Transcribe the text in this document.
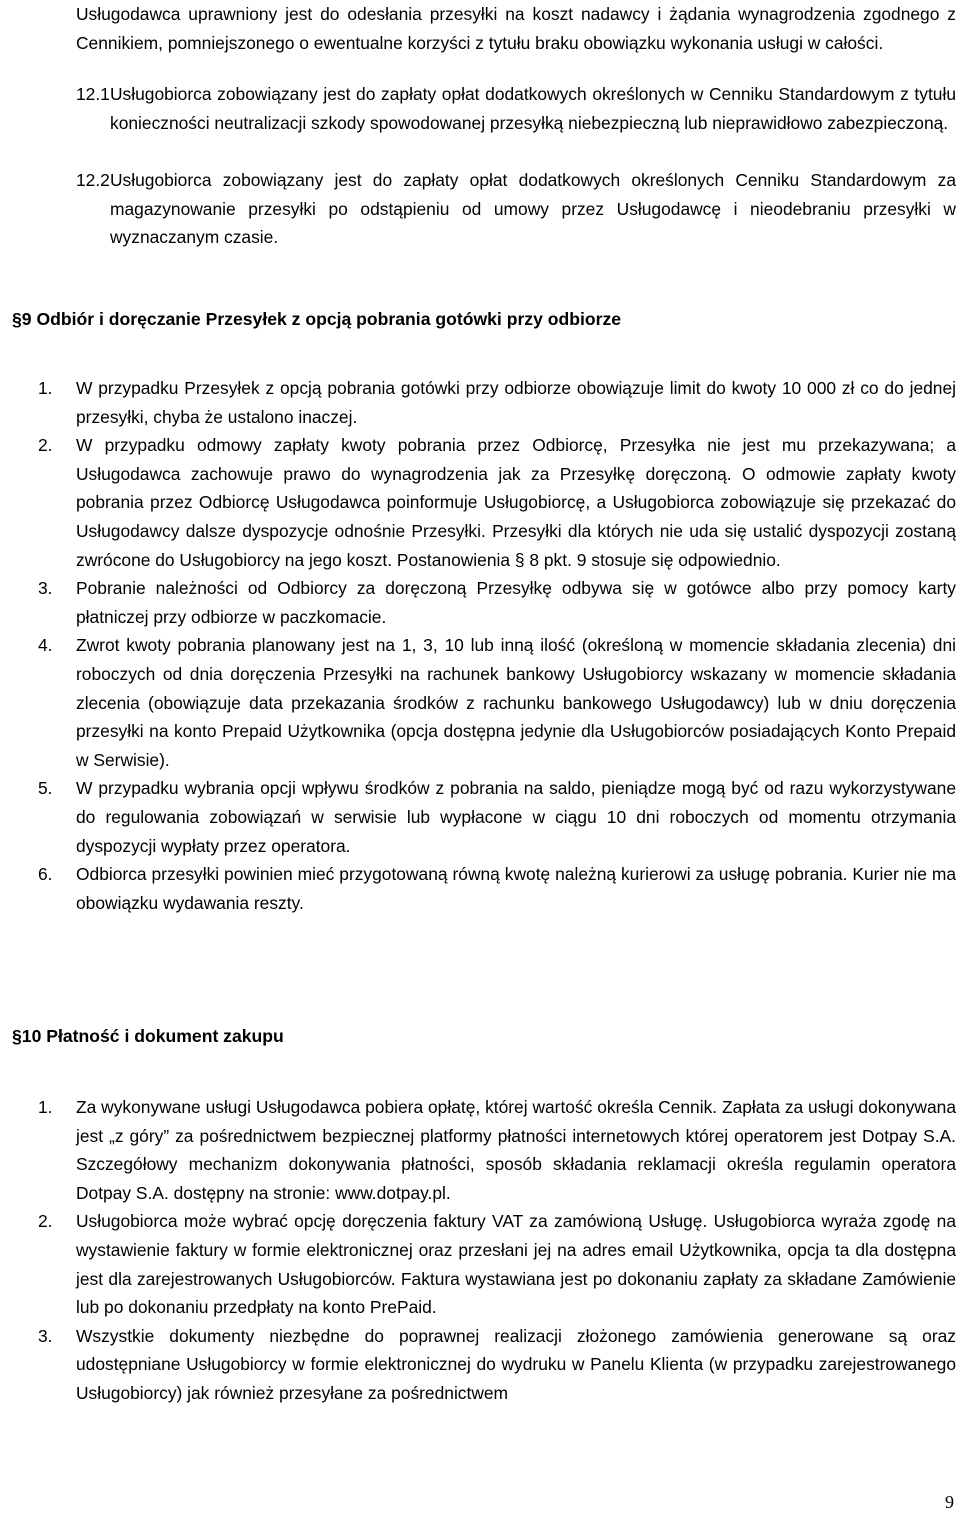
Usługodawca uprawniony jest do odesłania przesyłki na koszt nadawcy i żądania wynagrodzenia zgodnego z Cennikiem, pomniejszonego o ewentualne korzyści z tytułu braku obowiązku wykonania usługi w całości.

12.1 Usługobiorca zobowiązany jest do zapłaty opłat dodatkowych określonych w Cenniku Standardowym z tytułu konieczności neutralizacji szkody spowodowanej przesyłką niebezpieczną lub nieprawidłowo zabezpieczoną.

12.2 Usługobiorca zobowiązany jest do zapłaty opłat dodatkowych określonych Cenniku Standardowym za magazynowanie przesyłki po odstąpieniu od umowy przez Usługodawcę i nieodebraniu przesyłki w wyznaczanym czasie.

§9 Odbiór i doręczanie Przesyłek z opcją pobrania gotówki przy odbiorze
1. W przypadku Przesyłek z opcją pobrania gotówki przy odbiorze obowiązuje limit do kwoty 10 000 zł co do jednej przesyłki, chyba że ustalono inaczej.
2. W przypadku odmowy zapłaty kwoty pobrania przez Odbiorcę, Przesyłka nie jest mu przekazywana; a Usługodawca zachowuje prawo do wynagrodzenia jak za Przesyłkę doręczoną. O odmowie zapłaty kwoty pobrania przez Odbiorcę Usługodawca poinformuje Usługobiorcę, a Usługobiorca zobowiązuje się przekazać do Usługodawcy dalsze dyspozycje odnośnie Przesyłki. Przesyłki dla których nie uda się ustalić dyspozycji zostaną zwrócone do Usługobiorcy na jego koszt. Postanowienia § 8 pkt. 9 stosuje się odpowiednio.
3. Pobranie należności od Odbiorcy za doręczoną Przesyłkę odbywa się w gotówce albo przy pomocy karty płatniczej przy odbiorze w paczkomacie.
4. Zwrot kwoty pobrania planowany jest na 1, 3, 10 lub inną ilość (określoną w momencie składania zlecenia) dni roboczych od dnia doręczenia Przesyłki na rachunek bankowy Usługobiorcy wskazany w momencie składania zlecenia (obowiązuje data przekazania środków z rachunku bankowego Usługodawcy) lub w dniu doręczenia przesyłki na konto Prepaid Użytkownika (opcja dostępna jedynie dla Usługobiorców posiadających Konto Prepaid w Serwisie).
5. W przypadku wybrania opcji wpływu środków z pobrania na saldo, pieniądze mogą być od razu wykorzystywane do regulowania zobowiązań w serwisie lub wypłacone w ciągu 10 dni roboczych od momentu otrzymania dyspozycji wypłaty przez operatora.
6. Odbiorca przesyłki powinien mieć przygotowaną równą kwotę należną kurierowi za usługę pobrania. Kurier nie ma obowiązku wydawania reszty.
§10 Płatność i dokument zakupu
1. Za wykonywane usługi Usługodawca pobiera opłatę, której wartość określa Cennik. Zapłata za usługi dokonywana jest „z góry” za pośrednictwem bezpiecznej platformy płatności internetowych której operatorem jest Dotpay S.A. Szczegółowy mechanizm dokonywania płatności, sposób składania reklamacji określa regulamin operatora Dotpay S.A. dostępny na stronie: www.dotpay.pl.
2. Usługobiorca może wybrać opcję doręczenia faktury VAT za zamówioną Usługę. Usługobiorca wyraża zgodę na wystawienie faktury w formie elektronicznej oraz przesłani jej na adres email Użytkownika, opcja ta dla dostępna jest dla zarejestrowanych Usługobiorców. Faktura wystawiana jest po dokonaniu zapłaty za składane Zamówienie lub po dokonaniu przedpłaty na konto PrePaid.
3. Wszystkie dokumenty niezbędne do poprawnej realizacji złożonego zamówienia generowane są oraz udostępniane Usługobiorcy w formie elektronicznej do wydruku w Panelu Klienta (w przypadku zarejestrowanego Usługobiorcy) jak również przesyłane za pośrednictwem
9
